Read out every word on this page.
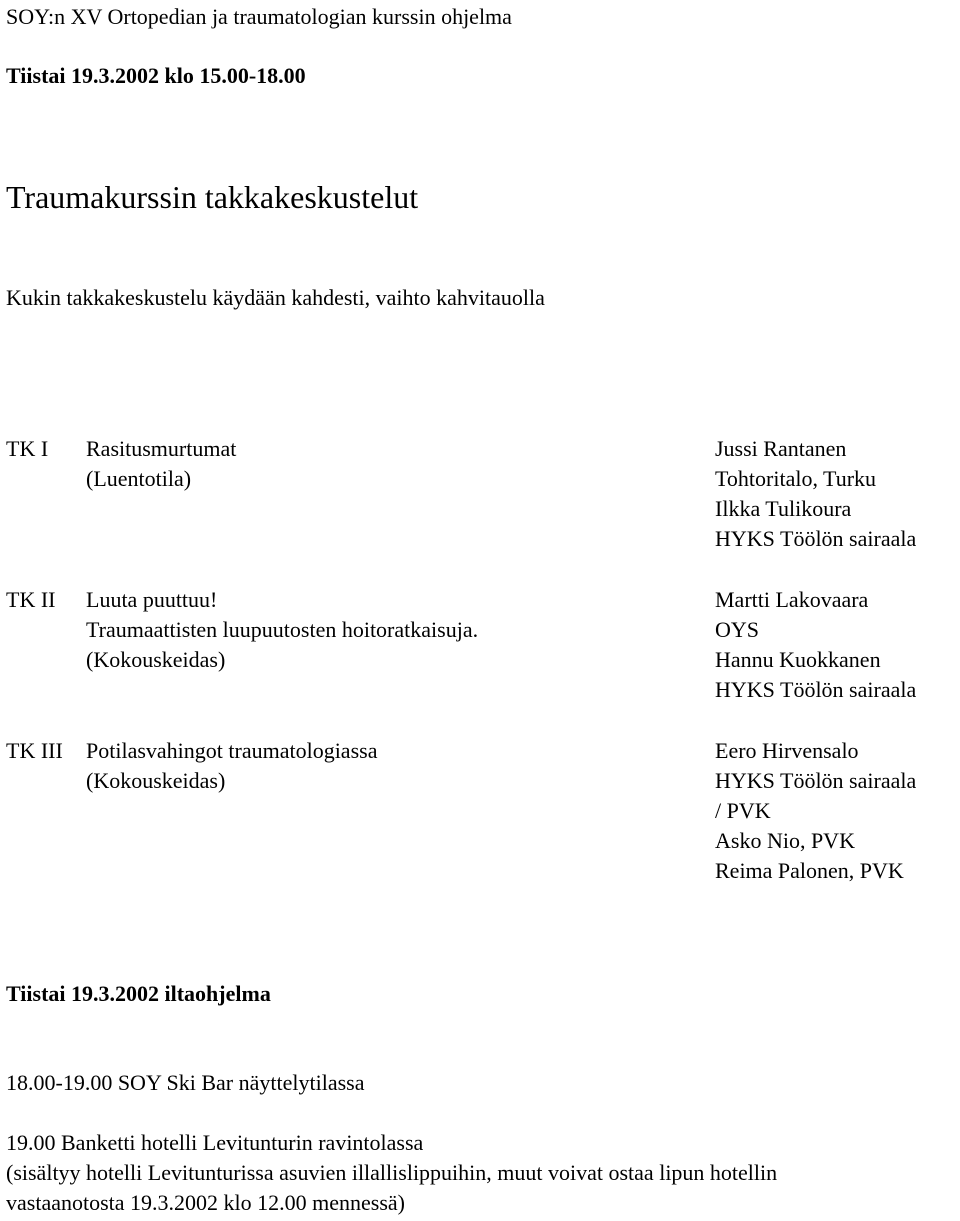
SOY:n XV Ortopedian ja traumatologian kurssin ohjelma

Tiistai 19.3.2002 klo 15.00-18.00

Traumakurssin takkakeskustelut

Kukin takkakeskustelu käydään kahdesti, vaihto kahvitauolla

TK I Rasitusmurtumat

(Luentotila)

Jussi Rantanen

Tohtoritalo, Turku

Ilkka Tulikoura

HYKS Töölön sairaala

TK II Luuta puuttuu!

Traumaattisten luupuutosten hoitoratkaisuja.

(Kokouskeidas)

Martti Lakovaara

OYS

Hannu Kuokkanen

HYKS Töölön sairaala

TK III Potilasvahingot traumatologiassa

(Kokouskeidas)

Eero Hirvensalo

HYKS Töölön sairaala

/ PVK

Asko Nio, PVK

Reima Palonen, PVK

Tiistai 19.3.2002 iltaohjelma

18.00-19.00 SOY Ski Bar näyttelytilassa

19.00 Banketti hotelli Levitunturin ravintolassa

(sisältyy hotelli Levitunturissa asuvien illallislippuihin, muut voivat ostaa lipun hotellin

vastaanotosta 19.3.2002 klo 12.00 mennessä)
